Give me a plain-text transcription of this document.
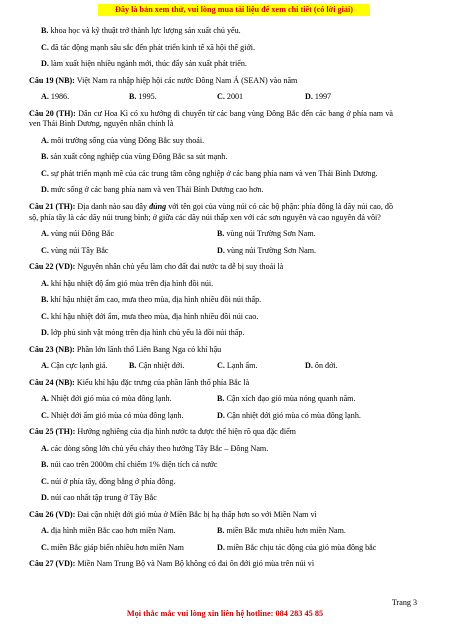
Đây là bản xem thử, vui lòng mua tài liệu để xem chi tiết (có lời giải)

B. khoa học và kỹ thuật trở thành lực lượng sản xuất chủ yếu.

C. đã tác động mạnh sâu sắc đến phát triển kinh tế xã hội thế giới.

D. làm xuất hiện nhiều ngành mới, thúc đẩy sản xuất phát triển.

Câu 19 (NB): Việt Nam ra nhập hiệp hội các nước Đông Nam Á (SEAN) vào năm

A. 1986.	B. 1995.	C. 2001	D. 1997

Câu 20 (TH): Dân cư Hoa Kì có xu hướng di chuyển từ các bang vùng Đông Bắc đến các bang ở phía nam và ven Thái Bình Dương, nguyên nhân chính là

A. môi trường sống của vùng Đông Bắc suy thoái.

B. sản xuất công nghiệp của vùng Đông Bắc sa sút mạnh.

C. sự phát triển mạnh mẽ của các trung tâm công nghiệp ở các bang phía nam và ven Thái Bình Dương.

D. mức sống ở các bang phía nam và ven Thái Bình Dương cao hơn.

Câu 21 (TH): Địa danh nào sau đây đúng với tên gọi của vùng núi có các bộ phận: phía đông là dãy núi cao, đồ sộ, phía tây là các dãy núi trung bình; ở giữa các dãy núi thấp xen với các sơn nguyên và cao nguyên đá vôi?

A. vùng núi Đông Bắc	B. vùng núi Trường Sơn Nam.
C. vùng núi Tây Bắc	D. vùng núi Trường Sơn Nam.

Câu 22 (VD): Nguyên nhân chủ yếu làm cho đất đai nước ta dễ bị suy thoái là

A. khí hậu nhiệt độ ẩm gió mùa trên địa hình đồi núi.

B. khí hậu nhiệt ẩm cao, mưa theo mùa, địa hình nhiều đồi núi thấp.

C. khí hậu nhiệt đới ẩm, mưa theo mùa, địa hình nhiều đồi núi cao.

D. lớp phủ sinh vật mỏng trên địa hình chủ yếu là đồi núi thấp.

Câu 23 (NB): Phần lớn lãnh thổ Liên Bang Nga có khí hậu

A. Cận cực lạnh giá.	B. Cận nhiệt đới.	C. Lạnh ẩm.	D. ôn đới.

Câu 24 (NB): Kiểu khí hậu đặc trưng của phần lãnh thổ phía Bắc là

A. Nhiệt đới gió mùa có mùa đông lạnh.	B. Cận xích đạo gió mùa nóng quanh năm.
C. Nhiệt đới ẩm gió mùa có mùa đông lạnh.	D. Cận nhiệt đới gió mùa có mùa đông lạnh.

Câu 25 (TH): Hướng nghiêng của địa hình nước ta được thể hiện rõ qua đặc điểm

A. các dòng sông lớn chủ yếu chảy theo hướng Tây Bắc – Đông Nam.

B. núi cao trên 2000m chỉ chiếm 1% diện tích cả nước

C. núi ở phía tây, đồng bằng ở phía đông.

D. núi cao nhất tập trung ở Tây Bắc

Câu 26 (VD): Đai cận nhiệt đới gió mùa ở Miền Bắc bị hạ thấp hơn so với Miền Nam vì

A. địa hình miền Bắc cao hơn miền Nam.	B. miền Bắc mưa nhiều hơn miền Nam.
C. miền Bắc giáp biển nhiều hơn miền Nam	D. miền Bắc chịu tác động của gió mùa đông bắc

Câu 27 (VD): Miền Nam Trung Bộ và Nam Bộ không có đai ôn đới gió mùa trên núi vì

Trang 3
Mọi thắc mắc vui lòng xin liên hệ hotline: 084 283 45 85
